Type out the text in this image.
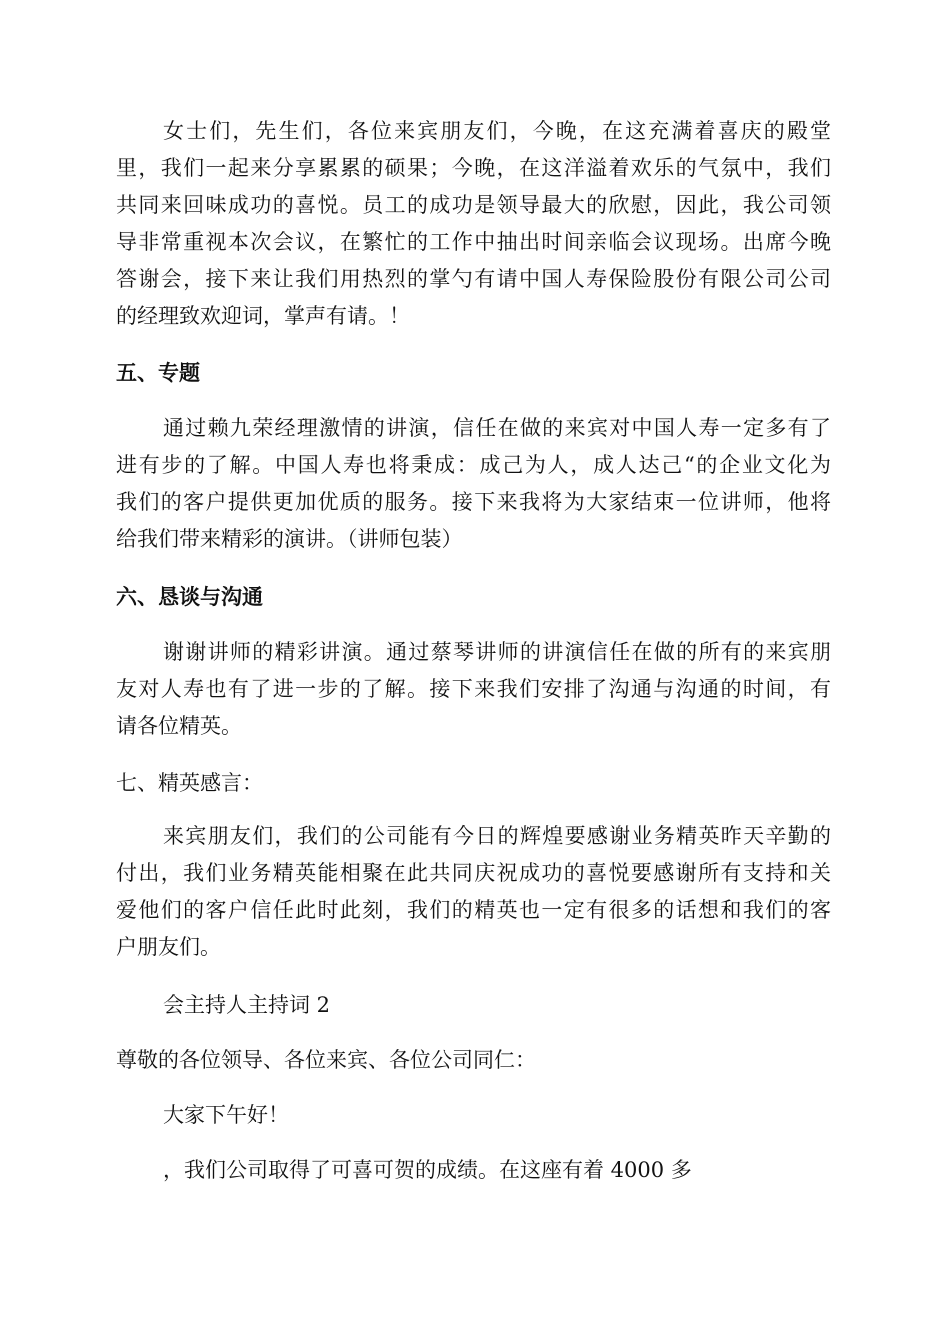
女士们，先生们，各位来宾朋友们，今晚，在这充满着喜庆的殿堂
里，我们一起来分享累累的硕果；今晚，在这洋溢着欢乐的气氛中，我们
共同来回味成功的喜悦。员工的成功是领导最大的欣慰，因此，我公司领
导非常重视本次会议，在繁忙的工作中抽出时间亲临会议现场。出席今晚
答谢会，接下来让我们用热烈的掌勺有请中国人寿保险股份有限公司公司
的经理致欢迎词，掌声有请。！
五、专题
通过赖九荣经理激情的讲演，信任在做的来宾对中国人寿一定多有了
进有步的了解。中国人寿也将秉成：成己为人，成人达己“的企业文化为
我们的客户提供更加优质的服务。接下来我将为大家结束一位讲师，他将
给我们带来精彩的演讲。（讲师包装）
六、恳谈与沟通
谢谢讲师的精彩讲演。通过蔡琴讲师的讲演信任在做的所有的来宾朋
友对人寿也有了进一步的了解。接下来我们安排了沟通与沟通的时间，有
请各位精英。
七、精英感言：
来宾朋友们，我们的公司能有今日的辉煌要感谢业务精英昨天辛勤的
付出，我们业务精英能相聚在此共同庆祝成功的喜悦要感谢所有支持和关
爱他们的客户信任此时此刻，我们的精英也一定有很多的话想和我们的客
户朋友们。
会主持人主持词 2
尊敬的各位领导、各位来宾、各位公司同仁：
大家下午好！
，我们公司取得了可喜可贺的成绩。在这座有着 4000 多
